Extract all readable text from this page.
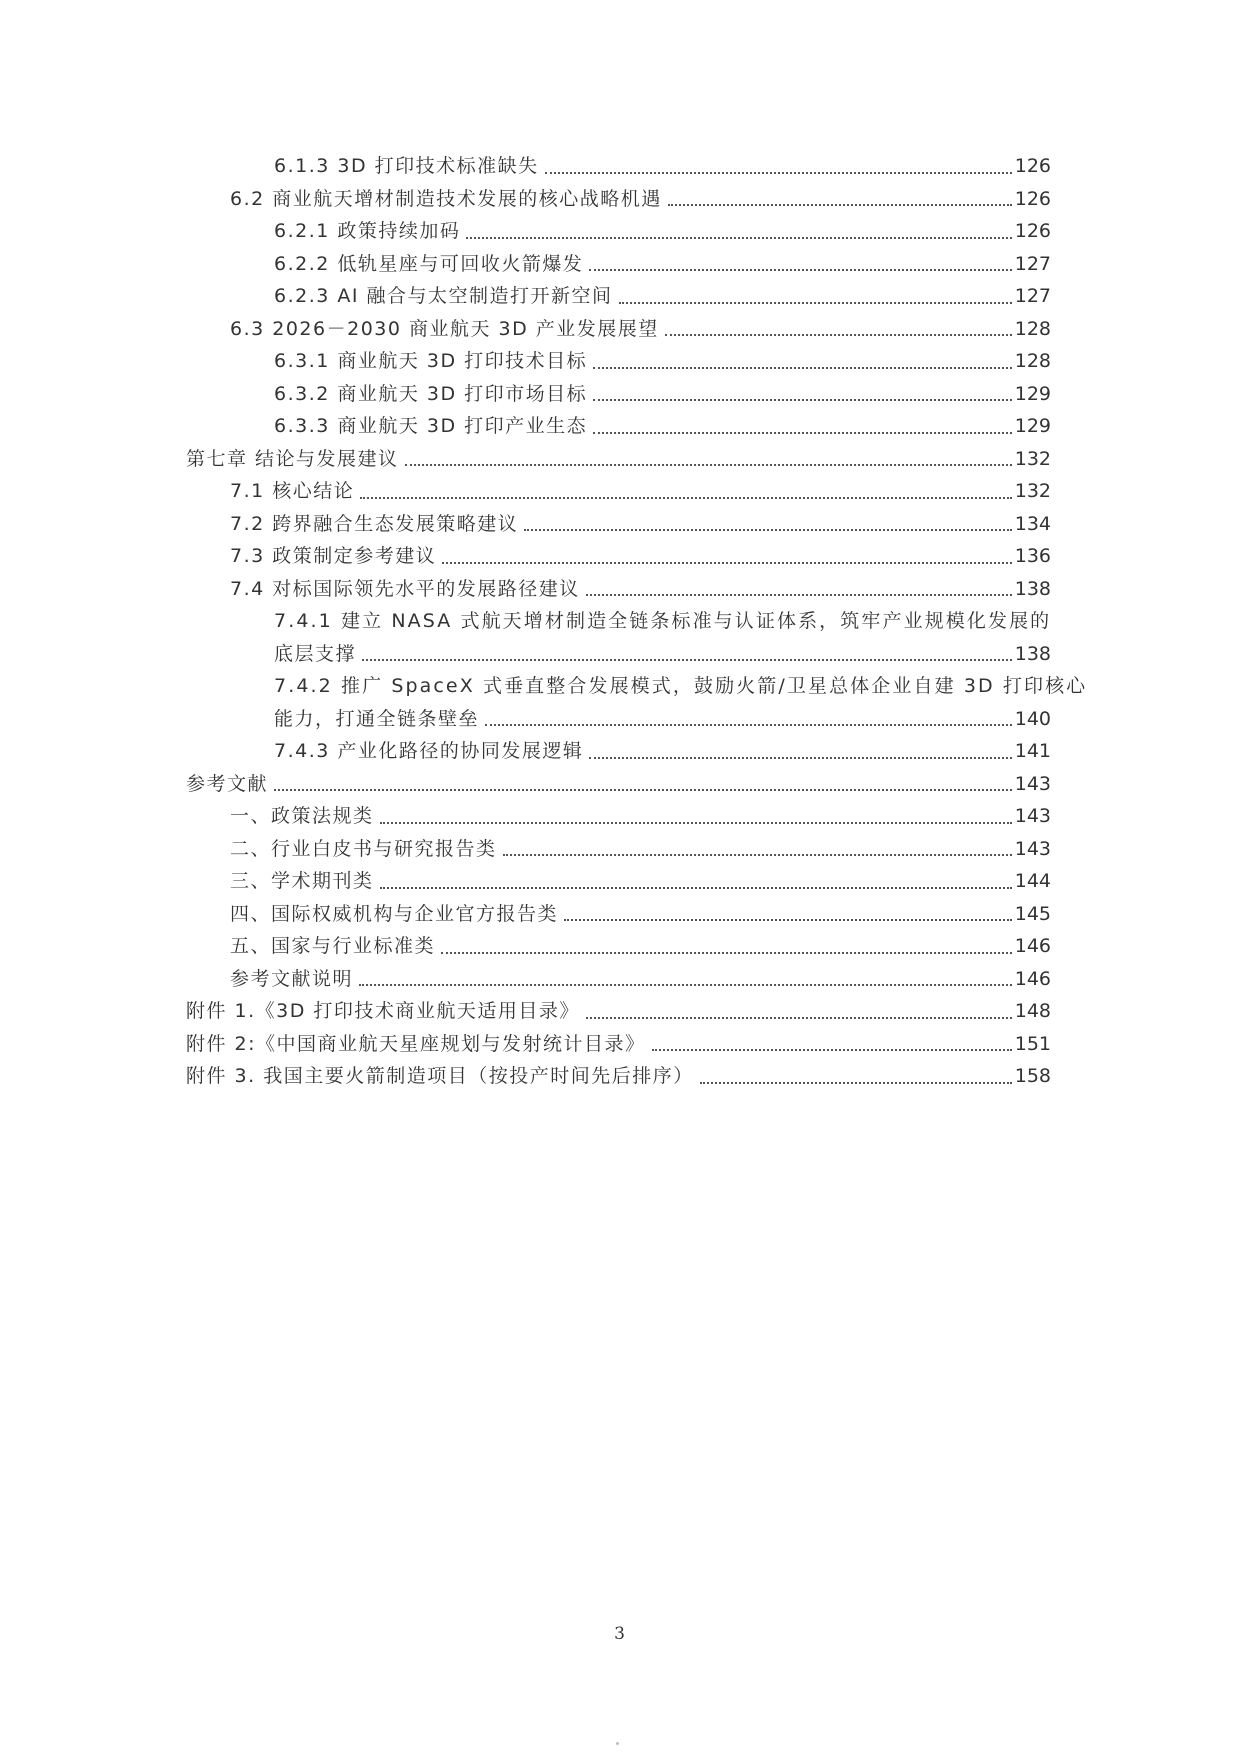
6.1.3 3D 打印技术标准缺失	126
6.2 商业航天增材制造技术发展的核心战略机遇	126
6.2.1 政策持续加码	126
6.2.2 低轨星座与可回收火箭爆发	127
6.2.3 AI 融合与太空制造打开新空间	127
6.3 2026－2030 商业航天 3D 产业发展展望	128
6.3.1 商业航天 3D 打印技术目标	128
6.3.2 商业航天 3D 打印市场目标	129
6.3.3 商业航天 3D 打印产业生态	129
第七章 结论与发展建议	132
7.1 核心结论	132
7.2 跨界融合生态发展策略建议	134
7.3 政策制定参考建议	136
7.4 对标国际领先水平的发展路径建议	138
7.4.1 建立 NASA 式航天增材制造全链条标准与认证体系，筑牢产业规模化发展的
底层支撑	138
7.4.2 推广 SpaceX 式垂直整合发展模式，鼓励火箭/卫星总体企业自建 3D 打印核心
能力，打通全链条壁垒	140
7.4.3 产业化路径的协同发展逻辑	141
参考文献	143
一、政策法规类	143
二、行业白皮书与研究报告类	143
三、学术期刊类	144
四、国际权威机构与企业官方报告类	145
五、国家与行业标准类	146
参考文献说明	146
附件 1.《3D 打印技术商业航天适用目录》	148
附件 2:《中国商业航天星座规划与发射统计目录》	151
附件 3. 我国主要火箭制造项目（按投产时间先后排序）	158
3
